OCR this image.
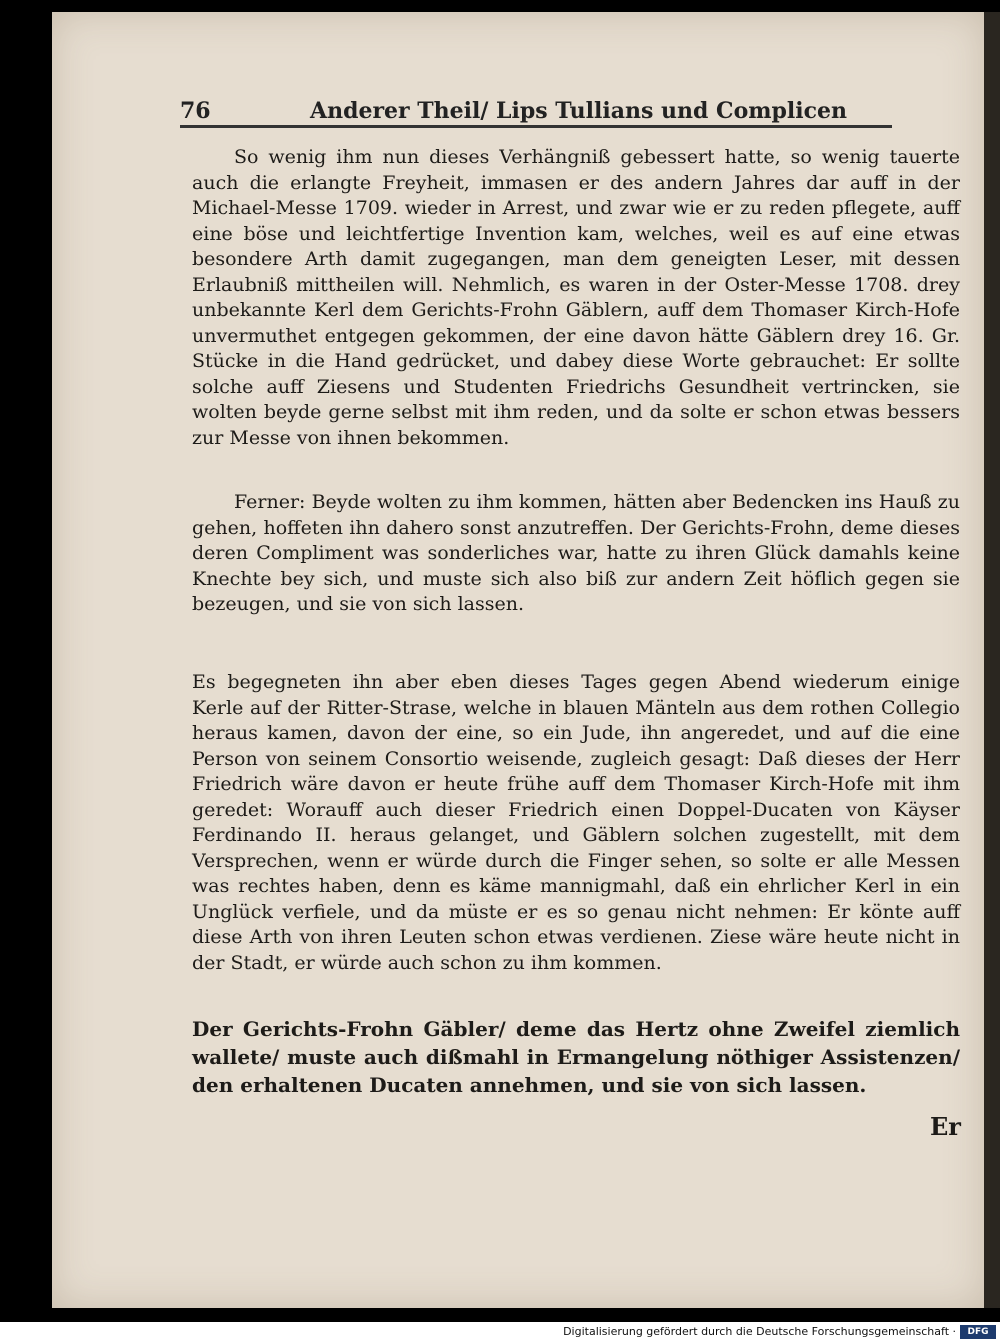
76	Anderer Theil/ Lips Tullians und Complicen
So wenig ihm nun dieses Verhängniß gebessert hatte, so wenig tauerte auch die erlangte Freyheit, immasen er des andern Jahres dar auff in der Michael-Messe 1709. wieder in Arrest, und zwar wie er zu reden pflegete, auff eine böse und leichtfertige Invention kam, welches, weil es auf eine etwas besondere Arth damit zugegangen, man dem geneigten Leser, mit dessen Erlaubniß mittheilen will. Nehmlich, es waren in der Oster-Messe 1708. drey unbekannte Kerl dem Gerichts-Frohn Gäblern, auff dem Thomaser Kirch-Hofe unvermuthet entgegen gekommen, der eine davon hätte Gäblern drey 16. Gr. Stücke in die Hand gedrücket, und dabey diese Worte gebrauchet: Er sollte solche auff Ziesens und Studenten Friedrichs Gesundheit vertrincken, sie wolten beyde gerne selbst mit ihm reden, und da solte er schon etwas bessers zur Messe von ihnen bekommen.
Ferner: Beyde wolten zu ihm kommen, hätten aber Bedencken ins Hauß zu gehen, hoffeten ihn dahero sonst anzutreffen. Der Gerichts-Frohn, deme dieses deren Compliment was sonderliches war, hatte zu ihren Glück damahls keine Knechte bey sich, und muste sich also biß zur andern Zeit höflich gegen sie bezeugen, und sie von sich lassen.
Es begegneten ihn aber eben dieses Tages gegen Abend wiederum einige Kerle auf der Ritter-Strase, welche in blauen Mänteln aus dem rothen Collegio heraus kamen, davon der eine, so ein Jude, ihn angeredet, und auf die eine Person von seinem Consortio weisende, zugleich gesagt: Daß dieses der Herr Friedrich wäre davon er heute frühe auff dem Thomaser Kirch-Hofe mit ihm geredet: Worauff auch dieser Friedrich einen Doppel-Ducaten von Käyser Ferdinando II. heraus gelanget, und Gäblern solchen zugestellt, mit dem Versprechen, wenn er würde durch die Finger sehen, so solte er alle Messen was rechtes haben, denn es käme mannigmahl, daß ein ehrlicher Kerl in ein Unglück verfiele, und da müste er es so genau nicht nehmen: Er könte auff diese Arth von ihren Leuten schon etwas verdienen. Ziese wäre heute nicht in der Stadt, er würde auch schon zu ihm kommen.
Der Gerichts-Frohn Gäbler/ deme das Hertz ohne Zweifel ziemlich wallete/ muste auch dißmahl in Ermangelung nöthiger Assistenzen/ den erhaltenen Ducaten annehmen, und sie von sich lassen.
Er
Digitalisierung gefördert durch die Deutsche Forschungsgemeinschaft ·	DFG
